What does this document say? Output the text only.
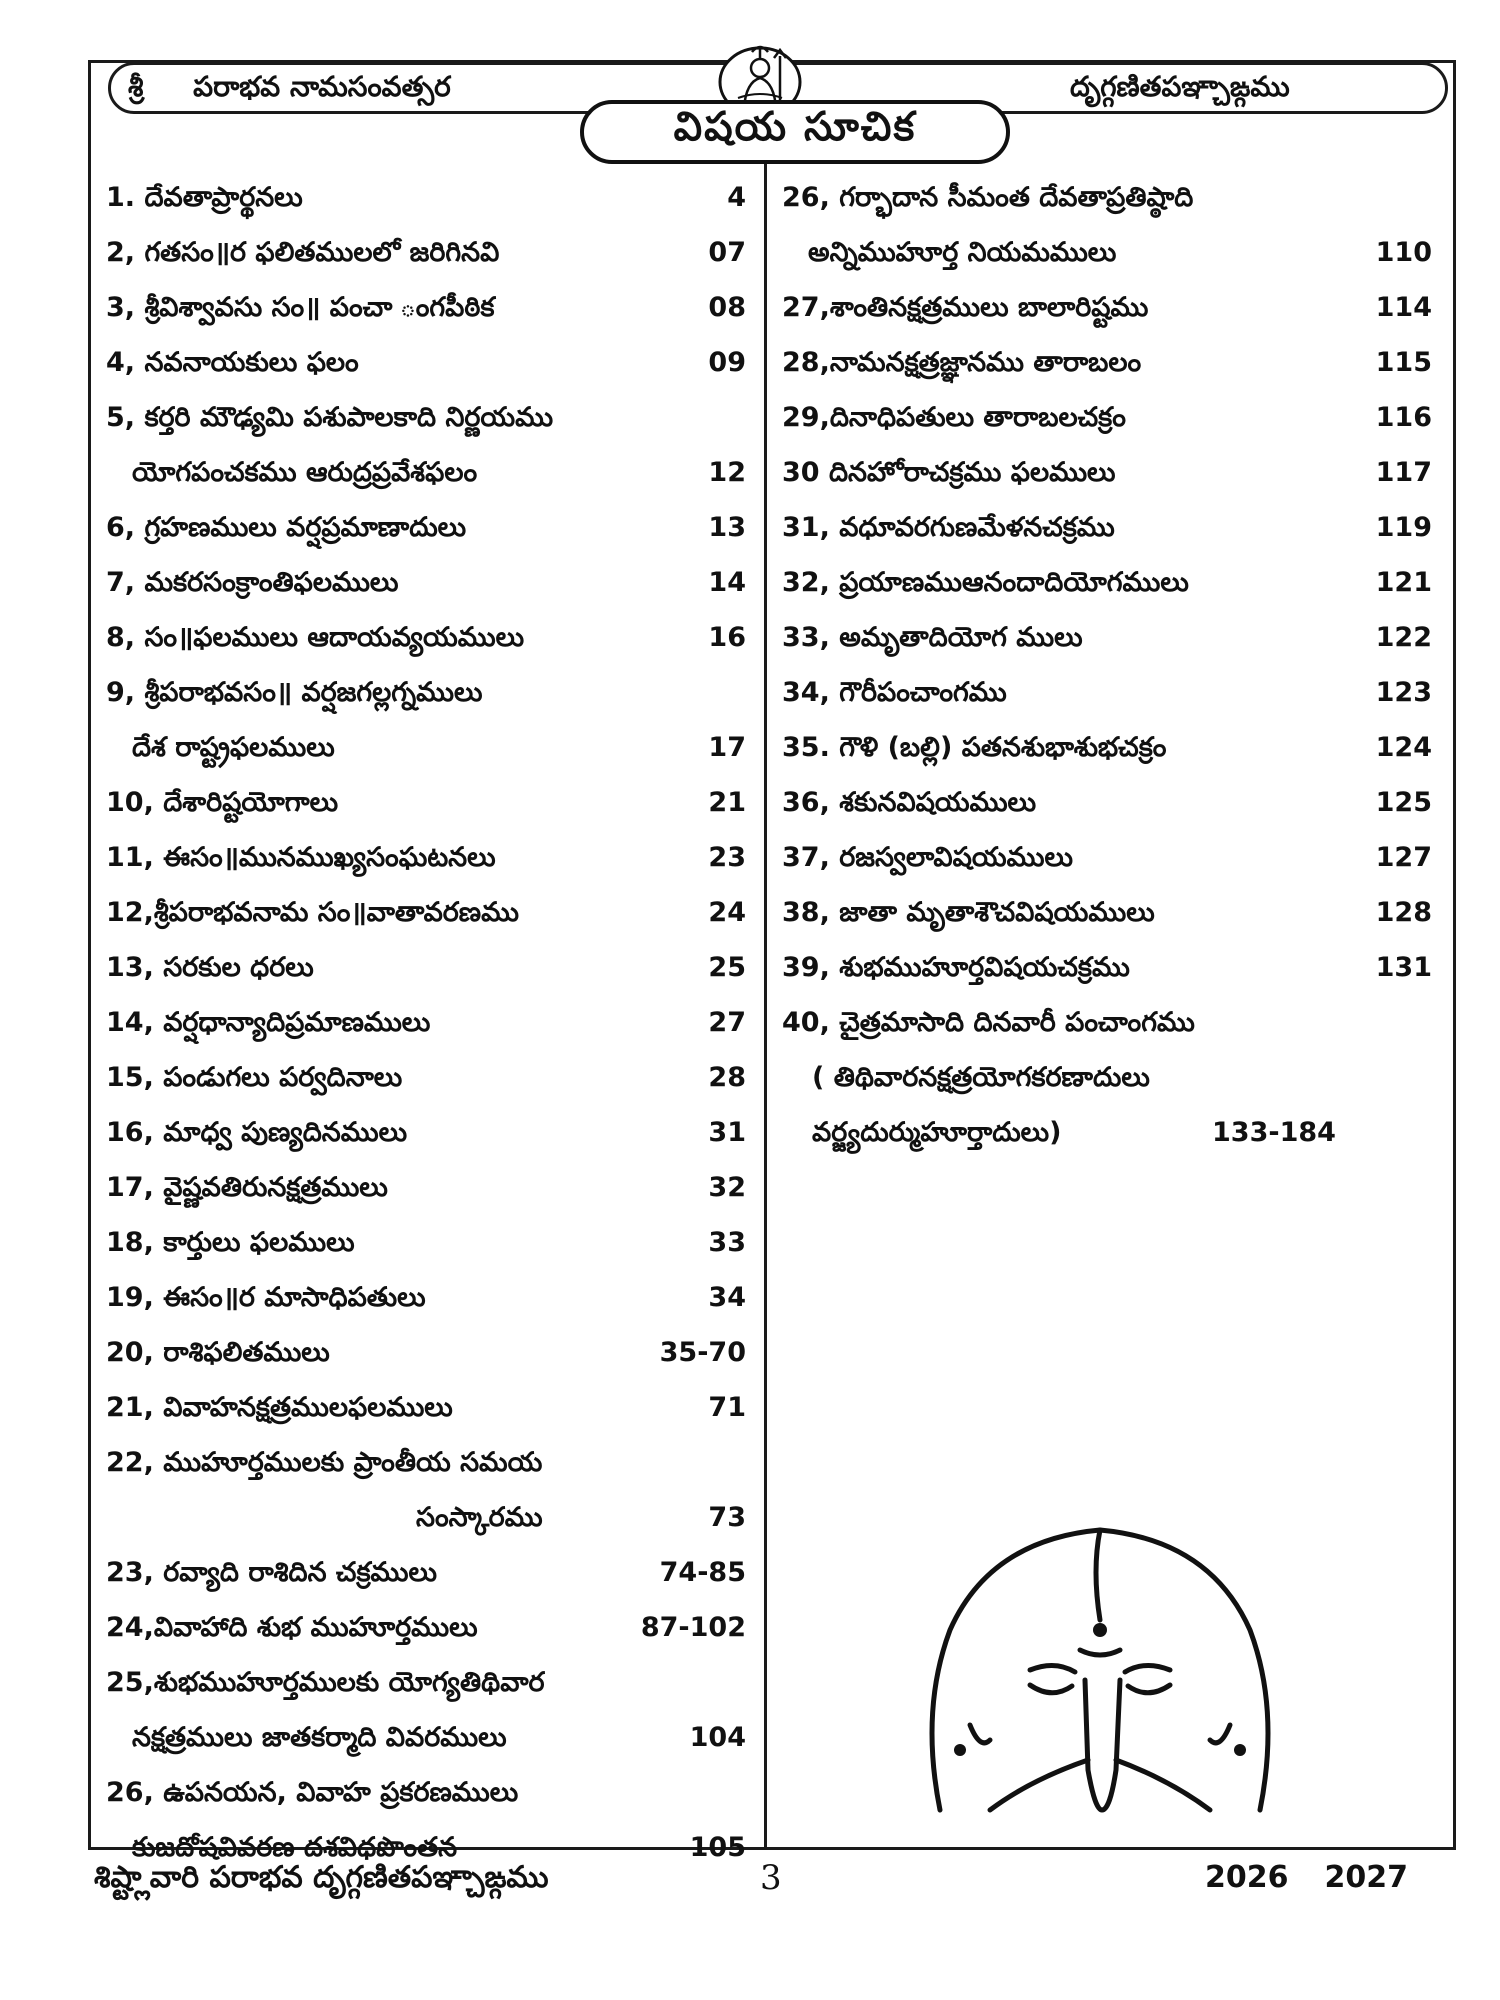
శ్రీ పరాభవ నామసంవత్సర	దృగ్గణితపఞ్చాఙ్గము
విషయ సూచిక
1. దేవతాప్రార్థనలు	4
2, గతసం॥ర ఫలితములలో జరిగినవి	07
3, శ్రీవిశ్వావసు సం॥ పంచా ంగపీఠిక	08
4, నవనాయకులు ఫలం	09
5, కర్తరి మౌఢ్యమి పశుపాలకాది నిర్ణయము
యోగపంచకము ఆరుద్రప్రవేశఫలం	12
6, గ్రహణములు వర్షప్రమాణాదులు	13
7, మకరసంక్రాంతిఫలములు	14
8, సం॥ఫలములు ఆదాయవ్యయములు	16
9, శ్రీపరాభవసం॥ వర్షజగల్లగ్నములు
దేశ రాష్ట్రఫలములు	17
10, దేశారిష్టయోగాలు	21
11, ఈసం॥మునముఖ్యసంఘటనలు	23
12,శ్రీపరాభవనామ సం॥వాతావరణము	24
13, సరకుల ధరలు	25
14, వర్షధాన్యాదిప్రమాణములు	27
15, పండుగలు పర్వదినాలు	28
16, మాధ్వ పుణ్యదినములు	31
17, వైష్ణవతిరునక్షత్రములు	32
18, కార్తులు ఫలములు	33
19, ఈసం॥ర మాసాధిపతులు	34
20, రాశిఫలితములు	35-70
21, వివాహనక్షత్రములఫలములు	71
22, ముహూర్తములకు ప్రాంతీయ సమయ
సంస్కారము	73
23, రవ్యాది రాశిదిన చక్రములు	74-85
24,వివాహాది శుభ ముహూర్తములు	87-102
25,శుభముహూర్తములకు యోగ్యతిథివార
నక్షత్రములు జాతకర్మాది వివరములు	104
26, ఉపనయన, వివాహ ప్రకరణములు
కుజదోషవివరణ దశవిధపొంతన	105
26, గర్భాదాన సీమంత దేవతాప్రతిష్ఠాది
అన్నిముహూర్త నియమములు	110
27,శాంతినక్షత్రములు బాలారిష్టము	114
28,నామనక్షత్రజ్ఞానము తారాబలం	115
29,దినాధిపతులు తారాబలచక్రం	116
30 దినహోరాచక్రము ఫలములు	117
31, వధూవరగుణమేళనచక్రము	119
32, ప్రయాణముఆనందాదియోగములు	121
33, అమృతాదియోగ ములు	122
34, గౌరీపంచాంగము	123
35. గౌళి (బల్లి) పతనశుభాశుభచక్రం	124
36, శకునవిషయములు	125
37, రజస్వలావిషయములు	127
38, జాతా మృతాశౌచవిషయములు	128
39, శుభముహూర్తవిషయచక్రము	131
40, చైత్రమాసాది దినవారీ పంచాంగము
( తిథివారనక్షత్రయోగకరణాదులు
వర్జ్యదుర్ముహూర్తాదులు)	133-184
శిష్ట్లావారి పరాభవ దృగ్గణితపఞ్చాఙ్గము	3	2026 2027
